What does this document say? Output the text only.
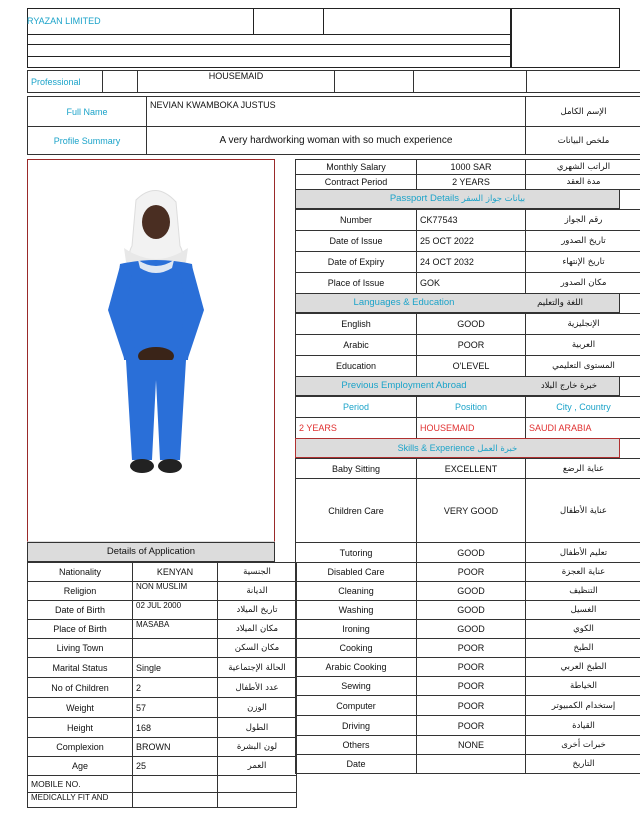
RYAZAN LIMITED
Professional		HOUSEMAID			
Full Name	NEVIAN KWAMBOKA JUSTUS	الإسم الكامل
Profile Summary	A very hardworking woman with so much experience	ملخص البيانات
Monthly Salary	1000 SAR	الراتب الشهري
Contract Period	2 YEARS	مدة العقد
Passport Details بيانات جواز السفر
Number	CK77543	رقم الجواز
Date of Issue	25 OCT 2022	تاريخ الصدور
Date of Expiry	24 OCT 2032	تاريخ الإنتهاء
Place of Issue	GOK	مكان الصدور
Languages & Education	اللغة والتعليم
English	GOOD	الإنجليزية
Arabic	POOR	العربية
Education	O'LEVEL	المستوى التعليمي
Previous Employment Abroad	خبرة خارج البلاد
Period	Position	City , Country
2 YEARS	HOUSEMAID	SAUDI ARABIA
Skills & Experience خبرة العمل
Baby Sitting	EXCELLENT	عناية الرضع
Children Care	VERY GOOD	عناية الأطفال
Tutoring	GOOD	تعليم الأطفال
Disabled Care	POOR	عناية العجزة
Cleaning	GOOD	التنظيف
Washing	GOOD	الغسيل
Ironing	GOOD	الكوي
Cooking	POOR	الطبخ
Arabic Cooking	POOR	الطبخ العربي
Sewing	POOR	الخياطة
Computer	POOR	إستخدام الكمبيوتر
Driving	POOR	القيادة
Others	NONE	خبرات أخرى
Date		التاريخ
Details of Application
Nationality	KENYAN	الجنسية
Religion	NON MUSLIM	الديانة
Date of Birth	02 JUL 2000	تاريخ الميلاد
Place of Birth	MASABA	مكان الميلاد
Living Town		مكان السكن
Marital Status	Single	الحالة الإجتماعية
No of Children	2	عدد الأطفال
Weight	57	الوزن
Height	168	الطول
Complexion	BROWN	لون البشرة
Age	25	العمر
MOBILE NO.		
MEDICALLY FIT AND		
